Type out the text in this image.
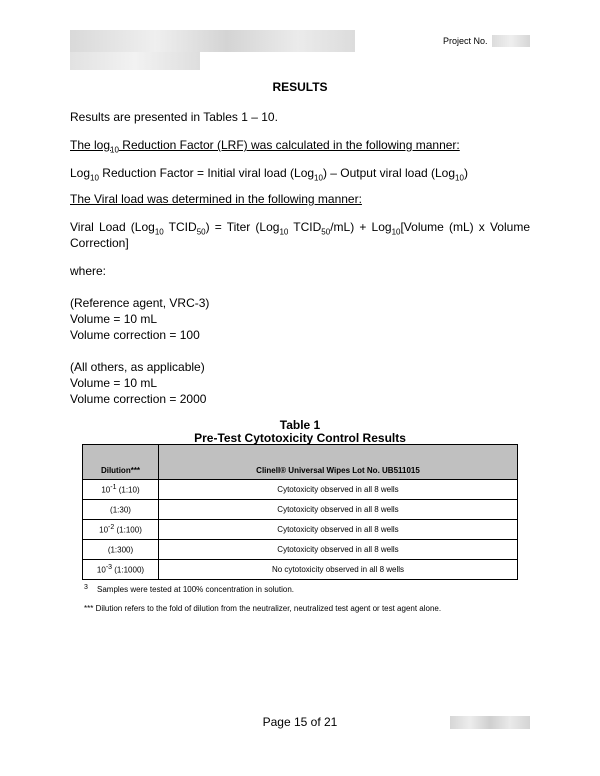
Project No.
RESULTS
Results are presented in Tables 1 – 10.
The $\log_{10}$ Reduction Factor (LRF) was calculated in the following manner:
Log$_{10}$ Reduction Factor = Initial viral load (Log$_{10}$) – Output viral load (Log$_{10}$)
The Viral load was determined in the following manner:
Viral Load (Log$_{10}$ $TCID_{50}$) = Titer (Log$_{10}$ $TCID_{50}/mL$) + Log$_{10}$[Volume (mL) x Volume
Correction]
where:
(Reference agent, VRC-3)
Volume = 10 mL
Volume correction = 100
(All others, as applicable)
Volume = 10 mL
Volume correction = 2000
Table 1
Pre-Test Cytotoxicity Control Results
Dilution***	Clinell® Universal Wipes Lot No. UB511015
$10^{-1}$ (1:10)	Cytotoxicity observed in all 8 wells
(1:30)	Cytotoxicity observed in all 8 wells
$10^{-2}$ (1:100)	Cytotoxicity observed in all 8 wells
(1:300)	Cytotoxicity observed in all 8 wells
$10^{-3}$ (1:1000)	No cytotoxicity observed in all 8 wells
$^3$ Samples were tested at 100% concentration in solution.
*** Dilution refers to the fold of dilution from the neutralizer, neutralized test agent or test agent alone.
Page 15 of 21
